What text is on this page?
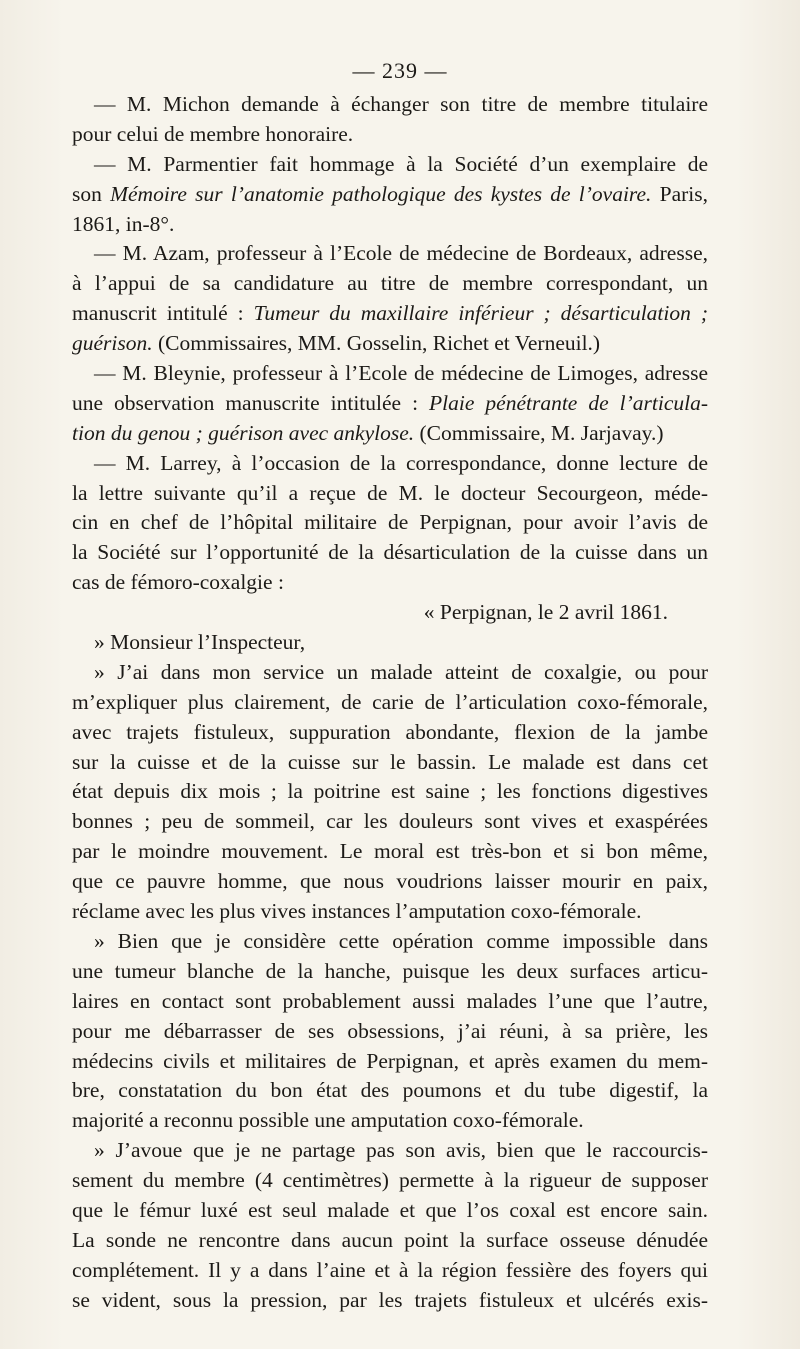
— 239 —
— M. Michon demande à échanger son titre de membre titulaire
pour celui de membre honoraire.
— M. Parmentier fait hommage à la Société d’un exemplaire de
son Mémoire sur l’anatomie pathologique des kystes de l’ovaire. Paris,
1861, in-8°.
— M. Azam, professeur à l’Ecole de médecine de Bordeaux, adresse,
à l’appui de sa candidature au titre de membre correspondant, un
manuscrit intitulé : Tumeur du maxillaire inférieur ; désarticulation ;
guérison. (Commissaires, MM. Gosselin, Richet et Verneuil.)
— M. Bleynie, professeur à l’Ecole de médecine de Limoges, adresse
une observation manuscrite intitulée : Plaie pénétrante de l’articula-
tion du genou ; guérison avec ankylose. (Commissaire, M. Jarjavay.)
— M. Larrey, à l’occasion de la correspondance, donne lecture de
la lettre suivante qu’il a reçue de M. le docteur Secourgeon, méde-
cin en chef de l’hôpital militaire de Perpignan, pour avoir l’avis de
la Société sur l’opportunité de la désarticulation de la cuisse dans un
cas de fémoro-coxalgie :
« Perpignan, le 2 avril 1861.
» Monsieur l’Inspecteur,
» J’ai dans mon service un malade atteint de coxalgie, ou pour
m’expliquer plus clairement, de carie de l’articulation coxo-fémorale,
avec trajets fistuleux, suppuration abondante, flexion de la jambe
sur la cuisse et de la cuisse sur le bassin. Le malade est dans cet
état depuis dix mois ; la poitrine est saine ; les fonctions digestives
bonnes ; peu de sommeil, car les douleurs sont vives et exaspérées
par le moindre mouvement. Le moral est très-bon et si bon même,
que ce pauvre homme, que nous voudrions laisser mourir en paix,
réclame avec les plus vives instances l’amputation coxo-fémorale.
» Bien que je considère cette opération comme impossible dans
une tumeur blanche de la hanche, puisque les deux surfaces articu-
laires en contact sont probablement aussi malades l’une que l’autre,
pour me débarrasser de ses obsessions, j’ai réuni, à sa prière, les
médecins civils et militaires de Perpignan, et après examen du mem-
bre, constatation du bon état des poumons et du tube digestif, la
majorité a reconnu possible une amputation coxo-fémorale.
» J’avoue que je ne partage pas son avis, bien que le raccourcis-
sement du membre (4 centimètres) permette à la rigueur de supposer
que le fémur luxé est seul malade et que l’os coxal est encore sain.
La sonde ne rencontre dans aucun point la surface osseuse dénudée
complétement. Il y a dans l’aine et à la région fessière des foyers qui
se vident, sous la pression, par les trajets fistuleux et ulcérés exis-
